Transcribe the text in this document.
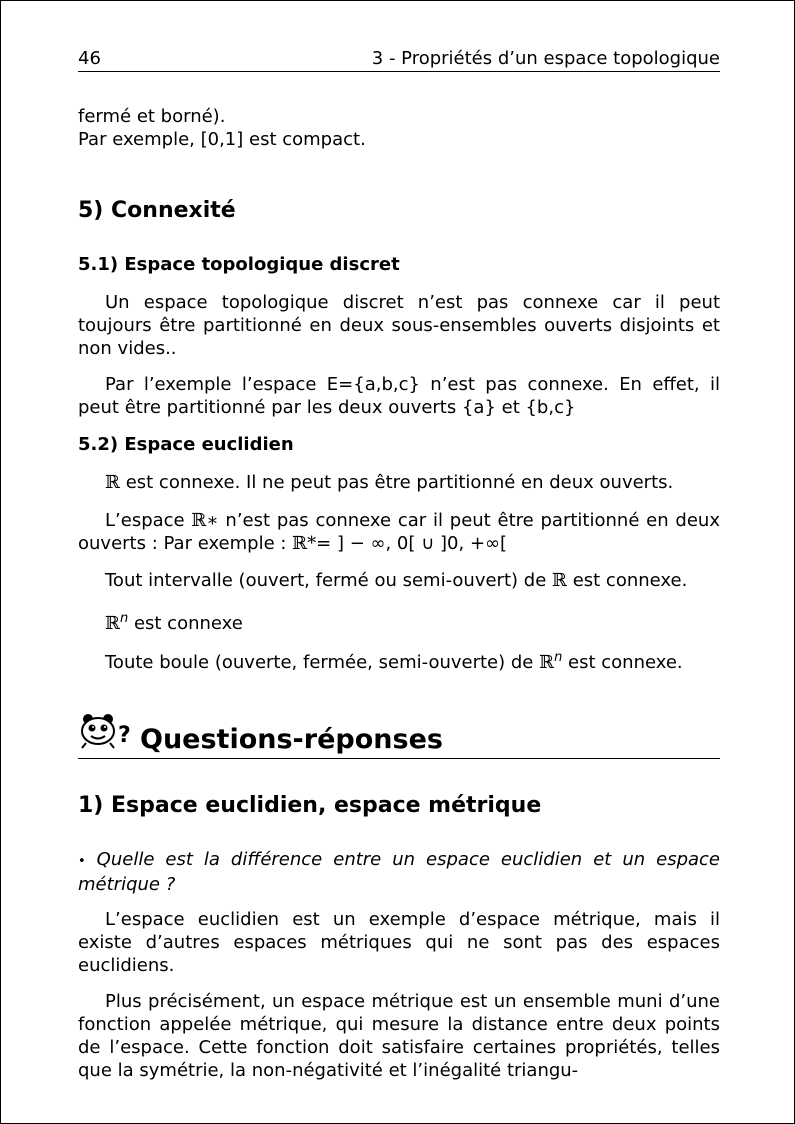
46	3 - Propriétés d’un espace topologique
fermé et borné).
Par exemple, [0,1] est compact.
5) Connexité
5.1) Espace topologique discret
Un espace topologique discret n’est pas connexe car il peut toujours être partitionné en deux sous-ensembles ouverts disjoints et non vides..
Par l’exemple l’espace E={a,b,c} n’est pas connexe. En effet, il peut être partitionné par les deux ouverts {a} et {b,c}
5.2) Espace euclidien
ℝ est connexe. Il ne peut pas être partitionné en deux ouverts.
L’espace ℝ∗ n’est pas connexe car il peut être partitionné en deux ouverts : Par exemple : ℝ*= ] − ∞, 0[ ∪ ]0, +∞[
Tout intervalle (ouvert, fermé ou semi-ouvert) de ℝ est connexe.
ℝ$^n$ est connexe
Toute boule (ouverte, fermée, semi-ouverte) de ℝ$^n$ est connexe.
? Questions-réponses
1) Espace euclidien, espace métrique
• Quelle est la différence entre un espace euclidien et un espace métrique ?
L’espace euclidien est un exemple d’espace métrique, mais il existe d’autres espaces métriques qui ne sont pas des espaces euclidiens.
Plus précisément, un espace métrique est un ensemble muni d’une fonction appelée métrique, qui mesure la distance entre deux points de l’espace. Cette fonction doit satisfaire certaines propriétés, telles que la symétrie, la non-négativité et l’inégalité triangu-
